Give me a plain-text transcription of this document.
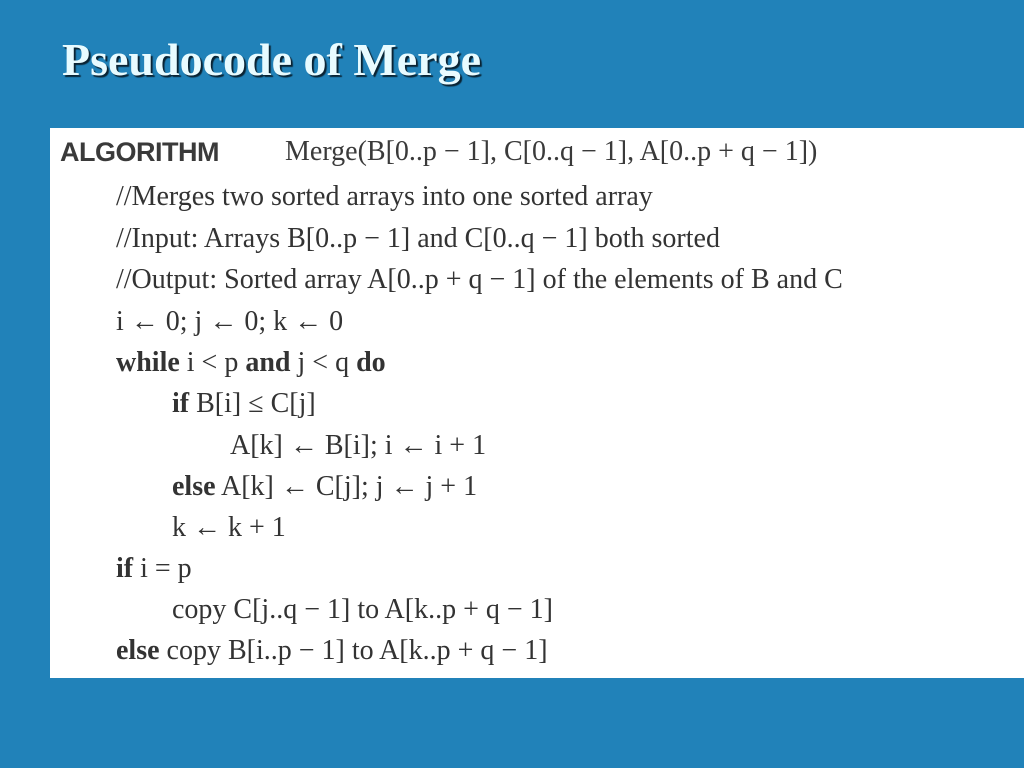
Pseudocode of Merge
ALGORITHM	Merge(B[0..p − 1], C[0..q − 1], A[0..p + q − 1])
//Merges two sorted arrays into one sorted array
//Input: Arrays B[0..p − 1] and C[0..q − 1] both sorted
//Output: Sorted array A[0..p + q − 1] of the elements of B and C
i ← 0; j ← 0; k ← 0
while i < p and j < q do
if B[i] ≤ C[j]
A[k] ← B[i]; i ← i + 1
else A[k] ← C[j]; j ← j + 1
k ← k + 1
if i = p
copy C[j..q − 1] to A[k..p + q − 1]
else copy B[i..p − 1] to A[k..p + q − 1]
